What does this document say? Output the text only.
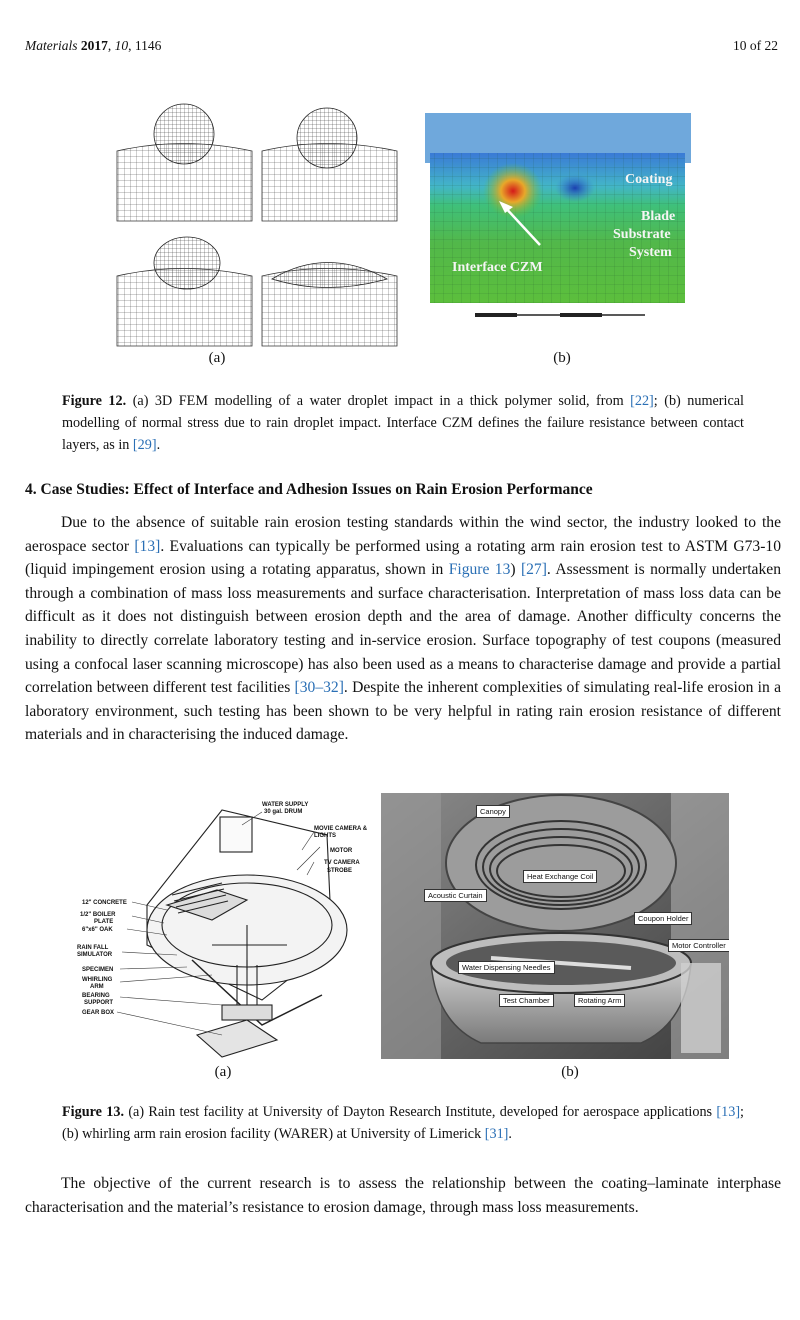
Materials 2017, 10, 1146	10 of 22
Coating
Blade
Substrate
System
Interface CZM
(a)	(b)
Figure 12. (a) 3D FEM modelling of a water droplet impact in a thick polymer solid, from [22]; (b) numerical modelling of normal stress due to rain droplet impact. Interface CZM defines the failure resistance between contact layers, as in [29].
4. Case Studies: Effect of Interface and Adhesion Issues on Rain Erosion Performance

Due to the absence of suitable rain erosion testing standards within the wind sector, the industry looked to the aerospace sector [13]. Evaluations can typically be performed using a rotating arm rain erosion test to ASTM G73-10 (liquid impingement erosion using a rotating apparatus, shown in Figure 13) [27]. Assessment is normally undertaken through a combination of mass loss measurements and surface characterisation. Interpretation of mass loss data can be difficult as it does not distinguish between erosion depth and the area of damage. Another difficulty concerns the inability to directly correlate laboratory testing and in-service erosion. Surface topography of test coupons (measured using a confocal laser scanning microscope) has also been used as a means to characterise damage and provide a partial correlation between different test facilities [30–32]. Despite the inherent complexities of simulating real-life erosion in a laboratory environment, such testing has been shown to be very helpful in rating rain erosion resistance of different materials and in characterising the induced damage.

WATER SUPPLY
30 gal. DRUM
MOVIE CAMERA &
LIGHTS
MOTOR
TV CAMERA
STROBE
12" CONCRETE
1/2" BOILER
PLATE
6"x6" OAK
RAIN FALL
SIMULATOR
SPECIMEN
WHIRLING
ARM
BEARING
SUPPORT
GEAR BOX
Canopy
Heat Exchange Coil
Acoustic Curtain
Coupon Holder
Motor Controller
Water Dispensing Needles
Test Chamber	Rotating Arm
(a)	(b)
Figure 13. (a) Rain test facility at University of Dayton Research Institute, developed for aerospace applications [13]; (b) whirling arm rain erosion facility (WARER) at University of Limerick [31].

The objective of the current research is to assess the relationship between the coating–laminate interphase characterisation and the material’s resistance to erosion damage, through mass loss measurements.
